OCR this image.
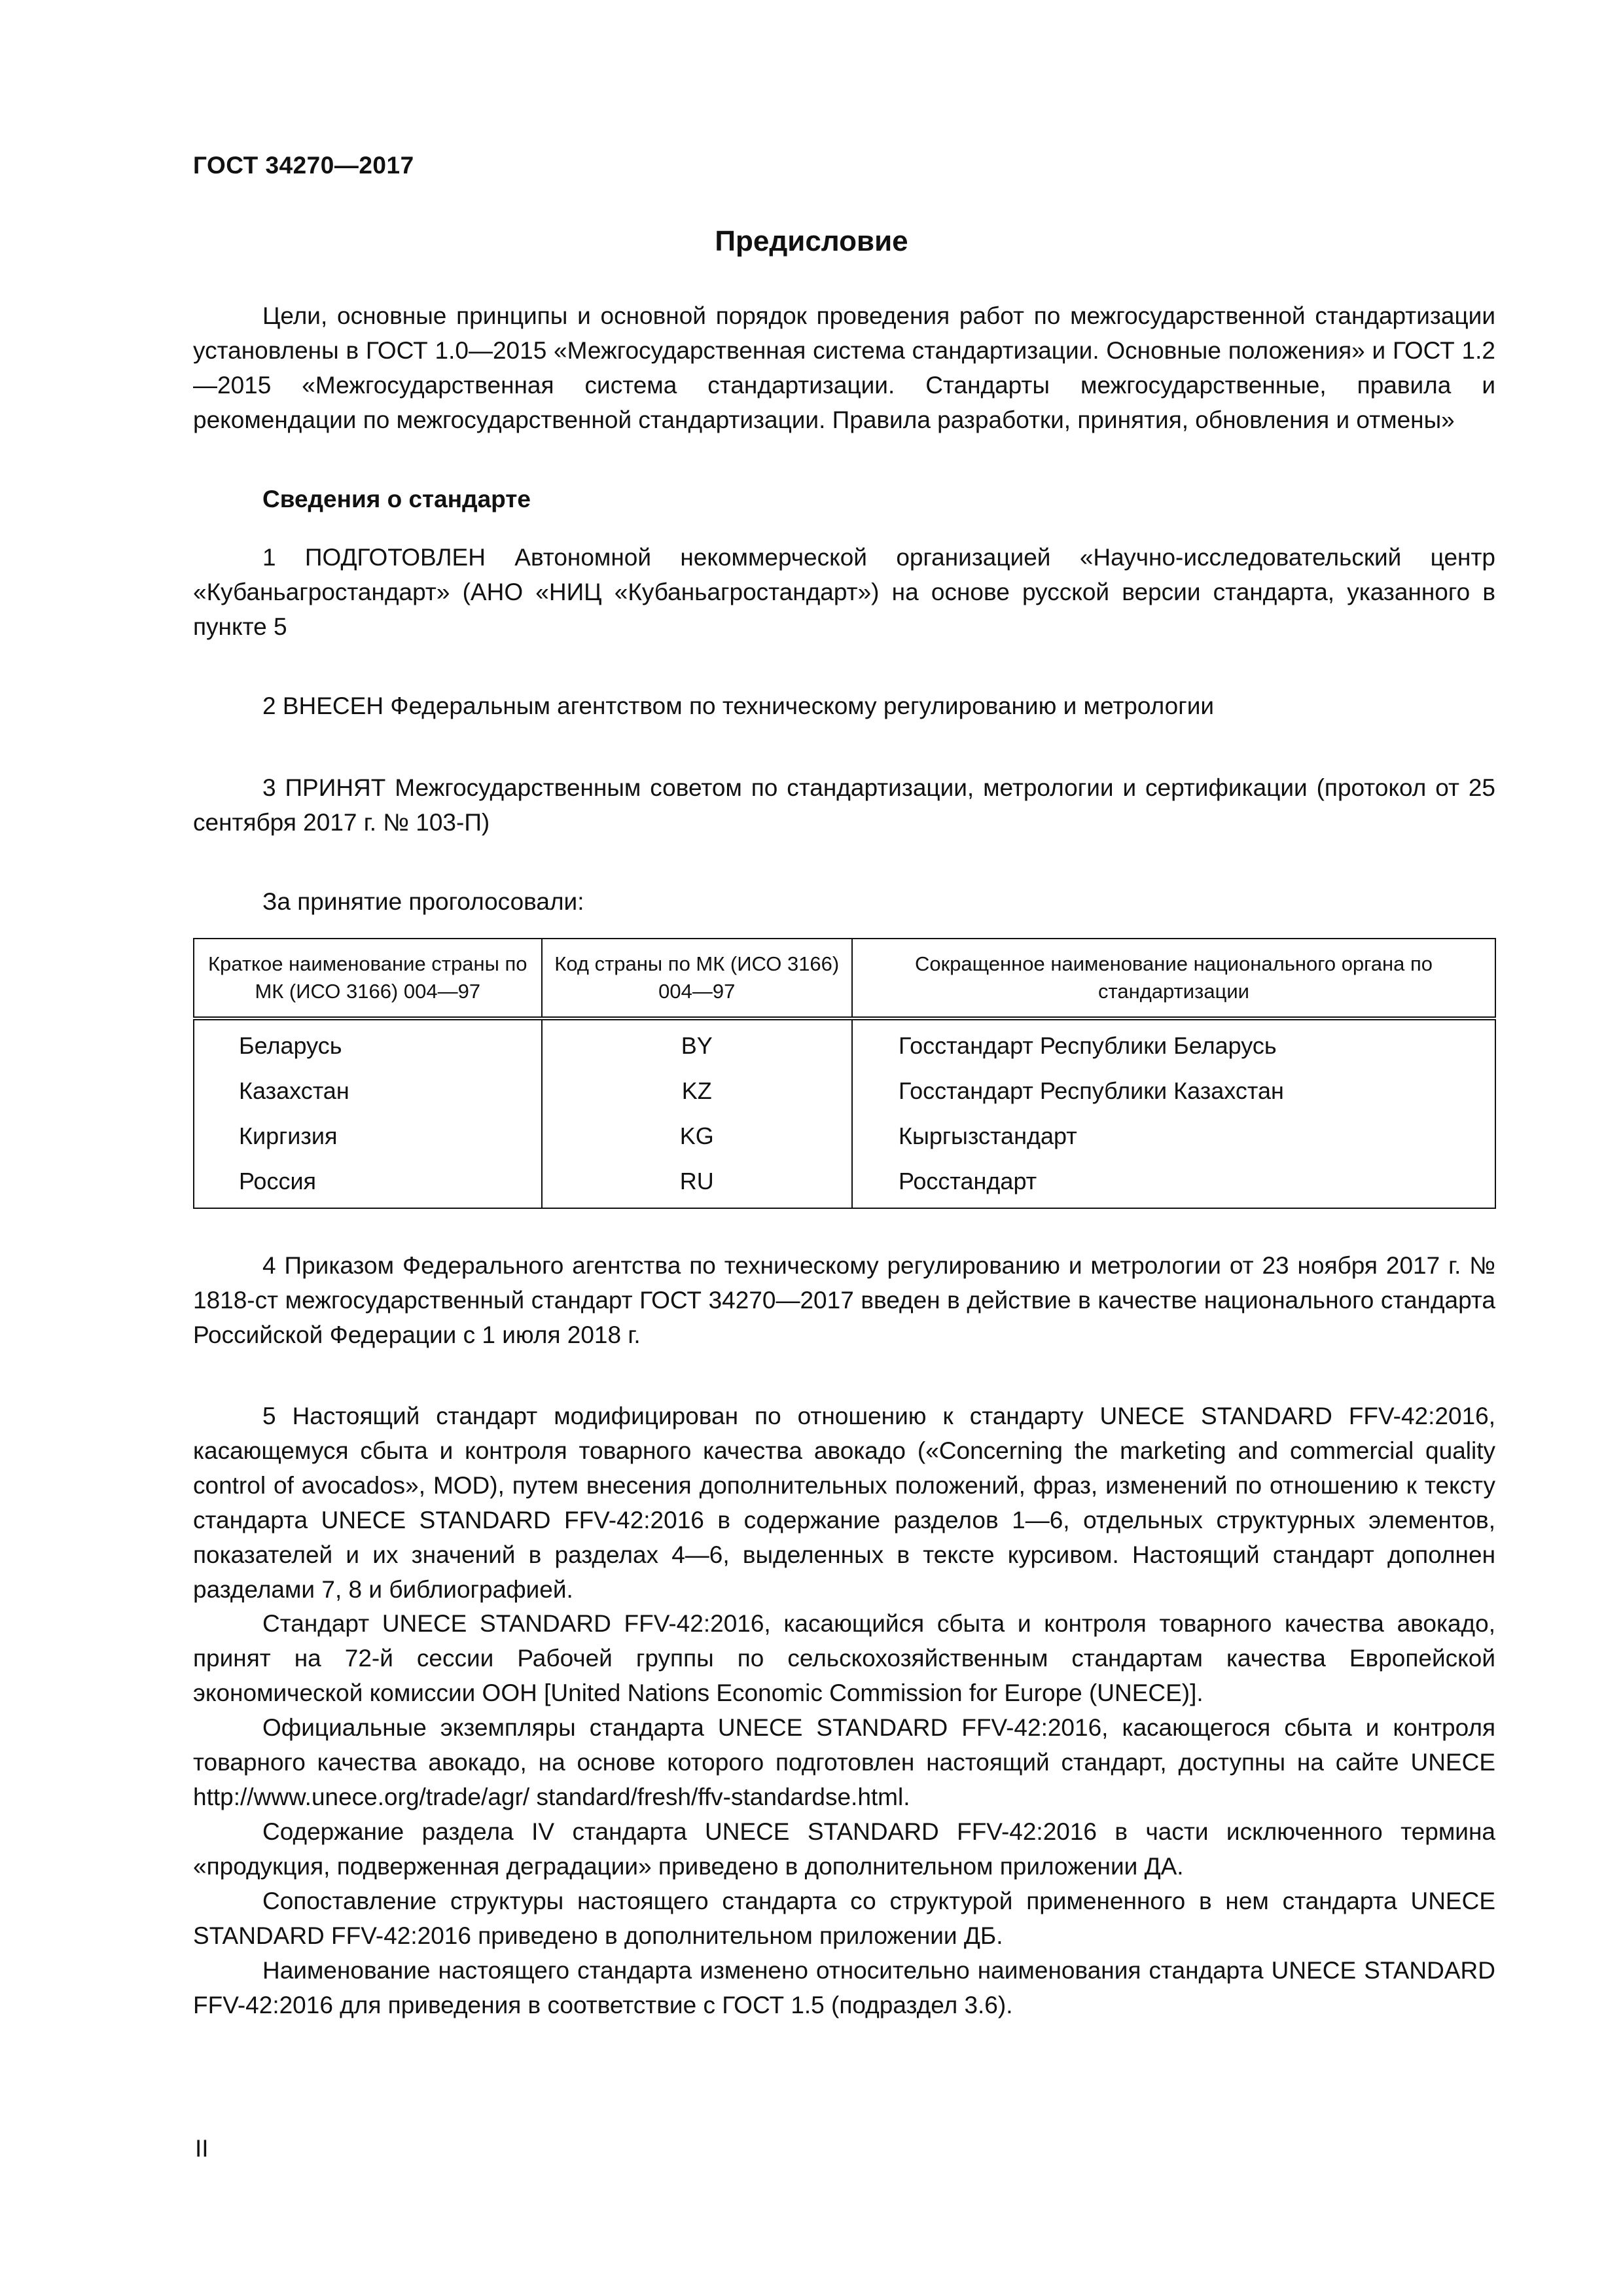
ГОСТ 34270—2017
Предисловие

Цели, основные принципы и основной порядок проведения работ по межгосударственной стандартизации установлены в ГОСТ 1.0—2015 «Межгосударственная система стандартизации. Основные положения» и ГОСТ 1.2—2015 «Межгосударственная система стандартизации. Стандарты межгосударственные, правила и рекомендации по межгосударственной стандартизации. Правила разработки, принятия, обновления и отмены»

Сведения о стандарте

1 ПОДГОТОВЛЕН Автономной некоммерческой организацией «Научно-исследовательский центр «Кубаньагростандарт» (АНО «НИЦ «Кубаньагростандарт») на основе русской версии стандарта, указанного в пункте 5

2 ВНЕСЕН Федеральным агентством по техническому регулированию и метрологии

3 ПРИНЯТ Межгосударственным советом по стандартизации, метрологии и сертификации (протокол от 25 сентября 2017 г. № 103-П)

За принятие проголосовали:
Краткое наименование страны по МК (ИСО 3166) 004—97	Код страны по МК (ИСО 3166) 004—97	Сокращенное наименование национального органа по стандартизации
Беларусь	BY	Госстандарт Республики Беларусь
Казахстан	KZ	Госстандарт Республики Казахстан
Киргизия	KG	Кыргызстандарт
Россия	RU	Росстандарт

4 Приказом Федерального агентства по техническому регулированию и метрологии от 23 ноября 2017 г. № 1818-ст межгосударственный стандарт ГОСТ 34270—2017 введен в действие в качестве национального стандарта Российской Федерации с 1 июля 2018 г.

5 Настоящий стандарт модифицирован по отношению к стандарту UNECE STANDARD FFV-42:2016, касающемуся сбыта и контроля товарного качества авокадо («Concerning the marketing and commercial quality control of avocados», MOD), путем внесения дополнительных положений, фраз, изменений по отношению к тексту стандарта UNECE STANDARD FFV-42:2016 в содержание разделов 1—6, отдельных структурных элементов, показателей и их значений в разделах 4—6, выделенных в тексте курсивом. Настоящий стандарт дополнен разделами 7, 8 и библиографией.

Стандарт UNECE STANDARD FFV-42:2016, касающийся сбыта и контроля товарного качества авокадо, принят на 72-й сессии Рабочей группы по сельскохозяйственным стандартам качества Европейской экономической комиссии ООН [United Nations Economic Commission for Europe (UNECE)].

Официальные экземпляры стандарта UNECE STANDARD FFV-42:2016, касающегося сбыта и контроля товарного качества авокадо, на основе которого подготовлен настоящий стандарт, доступны на сайте UNECE http://www.unece.org/trade/agr/ standard/fresh/ffv-standardse.html.

Содержание раздела IV стандарта UNECE STANDARD FFV-42:2016 в части исключенного термина «продукция, подверженная деградации» приведено в дополнительном приложении ДА.

Сопоставление структуры настоящего стандарта со структурой примененного в нем стандарта UNECE STANDARD FFV-42:2016 приведено в дополнительном приложении ДБ.

Наименование настоящего стандарта изменено относительно наименования стандарта UNECE STANDARD FFV-42:2016 для приведения в соответствие с ГОСТ 1.5 (подраздел 3.6).

II
